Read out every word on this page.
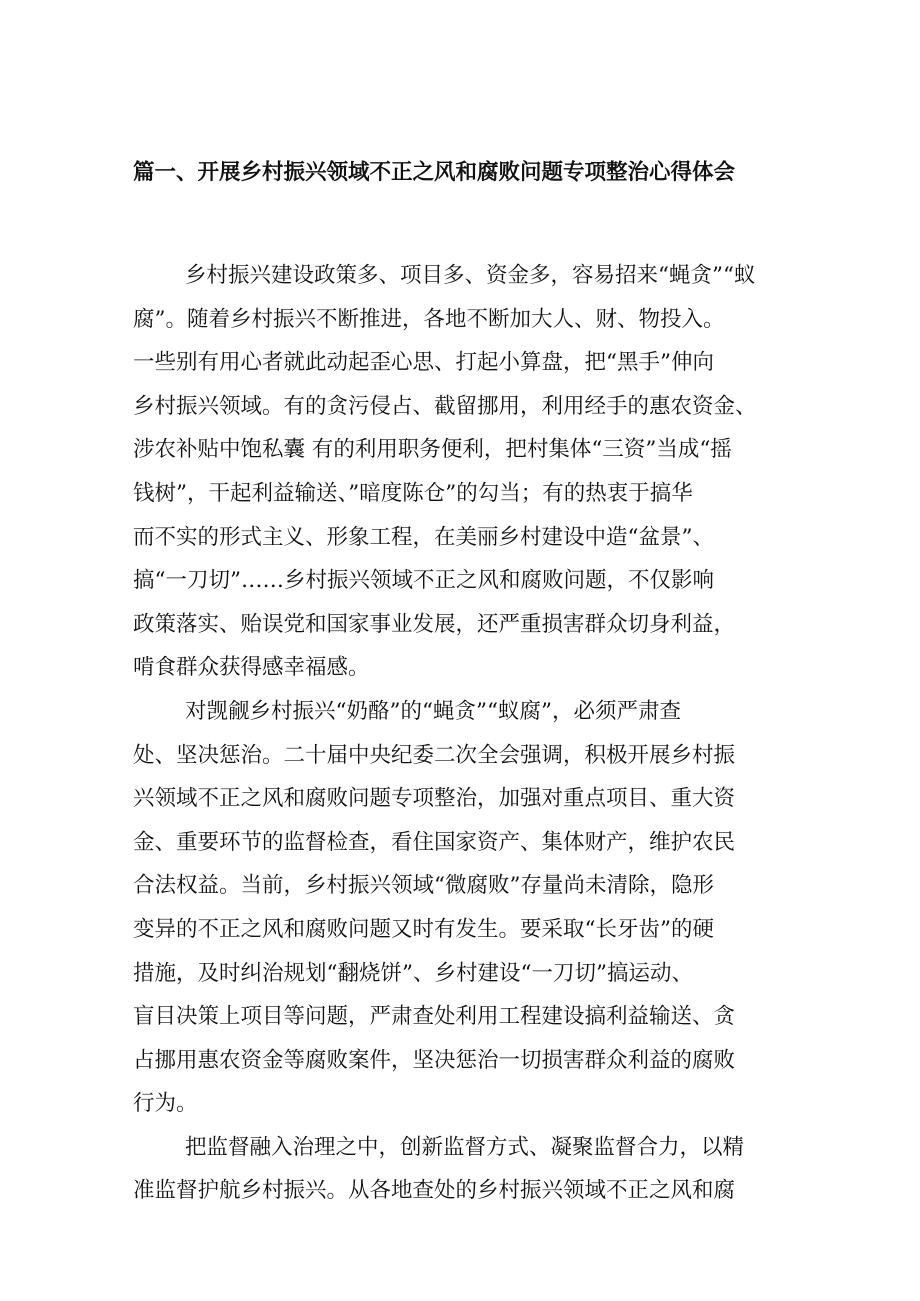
篇一、开展乡村振兴领域不正之风和腐败问题专项整治心得体会
乡村振兴建设政策多、项目多、资金多，容易招来“蝇贪”“蚁
腐”。随着乡村振兴不断推进，各地不断加大人、财、物投入。
一些别有用心者就此动起歪心思、打起小算盘，把“黑手”伸向
乡村振兴领域。有的贪污侵占、截留挪用，利用经手的惠农资金、
涉农补贴中饱私囊 有的利用职务便利，把村集体“三资”当成“摇
钱树”，干起利益输送、”暗度陈仓”的勾当；有的热衷于搞华
而不实的形式主义、形象工程，在美丽乡村建设中造“盆景”、
搞“一刀切”……乡村振兴领域不正之风和腐败问题，不仅影响
政策落实、贻误党和国家事业发展，还严重损害群众切身利益，
啃食群众获得感幸福感。
对觊觎乡村振兴“奶酪”的“蝇贪”“蚁腐”，必须严肃查
处、坚决惩治。二十届中央纪委二次全会强调，积极开展乡村振
兴领域不正之风和腐败问题专项整治，加强对重点项目、重大资
金、重要环节的监督检查，看住国家资产、集体财产，维护农民
合法权益。当前，乡村振兴领域“微腐败”存量尚未清除，隐形
变异的不正之风和腐败问题又时有发生。要采取“长牙齿”的硬
措施，及时纠治规划“翻烧饼”、乡村建设“一刀切”搞运动、
盲目决策上项目等问题，严肃查处利用工程建设搞利益输送、贪
占挪用惠农资金等腐败案件，坚决惩治一切损害群众利益的腐败
行为。
把监督融入治理之中，创新监督方式、凝聚监督合力，以精
准监督护航乡村振兴。从各地查处的乡村振兴领域不正之风和腐
